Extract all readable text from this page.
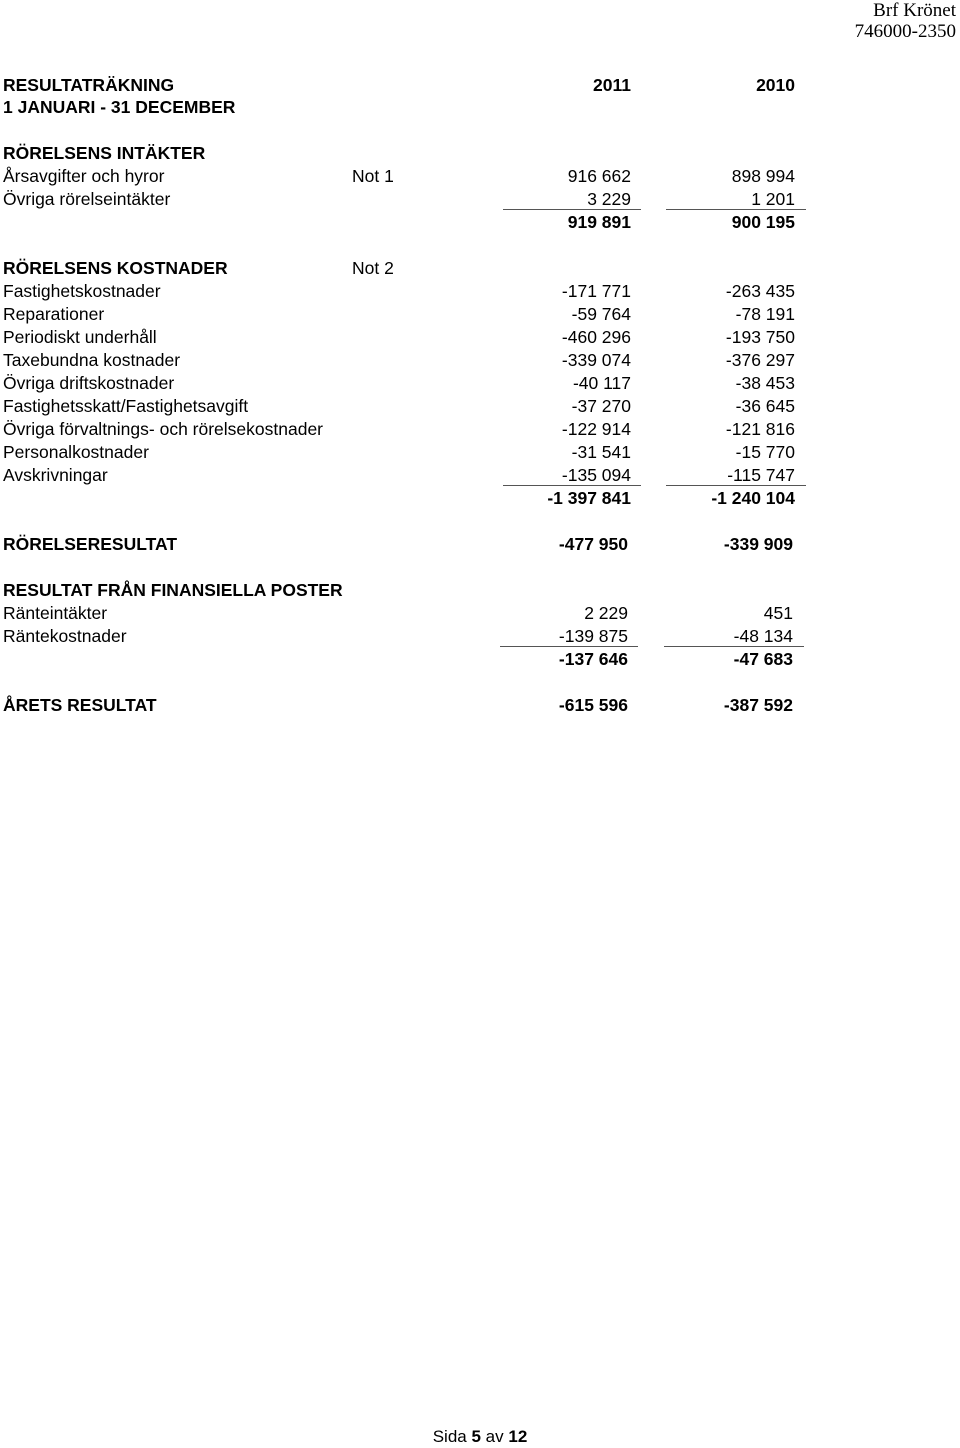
Brf Krönet
746000-2350
RESULTATRÄKNING	2011	2010
1 JANUARI - 31 DECEMBER
RÖRELSENS INTÄKTER
Årsavgifter och hyror	Not 1	916 662	898 994
Övriga rörelseintäkter	3 229	1 201
919 891	900 195
RÖRELSENS KOSTNADER	Not 2
Fastighetskostnader	-171 771	-263 435
Reparationer	-59 764	-78 191
Periodiskt underhåll	-460 296	-193 750
Taxebundna kostnader	-339 074	-376 297
Övriga driftskostnader	-40 117	-38 453
Fastighetsskatt/Fastighetsavgift	-37 270	-36 645
Övriga förvaltnings- och rörelsekostnader	-122 914	-121 816
Personalkostnader	-31 541	-15 770
Avskrivningar	-135 094	-115 747
-1 397 841	-1 240 104
RÖRELSERESULTAT	-477 950	-339 909
RESULTAT FRÅN FINANSIELLA POSTER
Ränteintäkter	2 229	451
Räntekostnader	-139 875	-48 134
-137 646	-47 683
ÅRETS RESULTAT	-615 596	-387 592
Sida 5 av 12
